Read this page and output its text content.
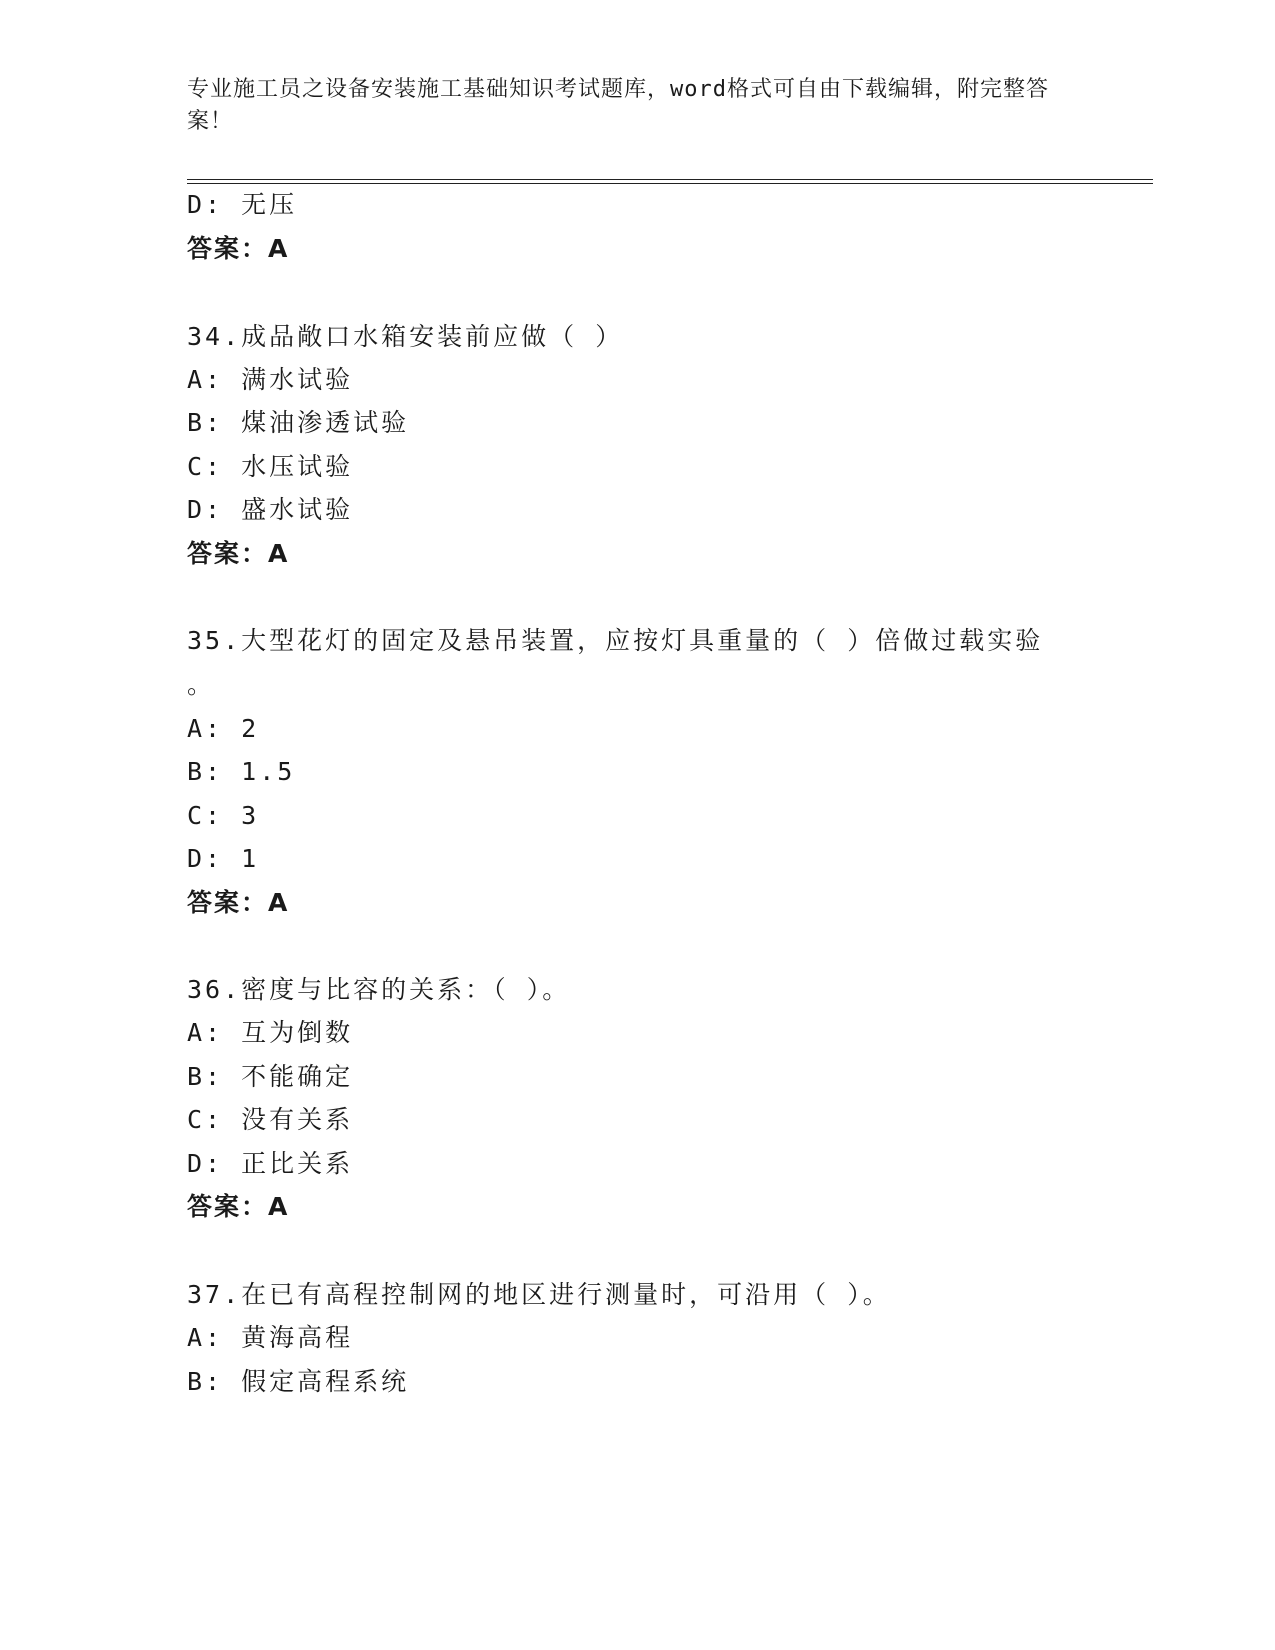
专业施工员之设备安装施工基础知识考试题库，word格式可自由下载编辑，附完整答案！
D: 无压
答案：A
34.成品敞口水箱安装前应做（ ）
A: 满水试验
B: 煤油渗透试验
C: 水压试验
D: 盛水试验
答案：A
35.大型花灯的固定及悬吊装置，应按灯具重量的（ ）倍做过载实验
。
A: 2
B: 1.5
C: 3
D: 1
答案：A
36.密度与比容的关系：（ ）。
A: 互为倒数
B: 不能确定
C: 没有关系
D: 正比关系
答案：A
37.在已有高程控制网的地区进行测量时，可沿用（ ）。
A: 黄海高程
B: 假定高程系统
